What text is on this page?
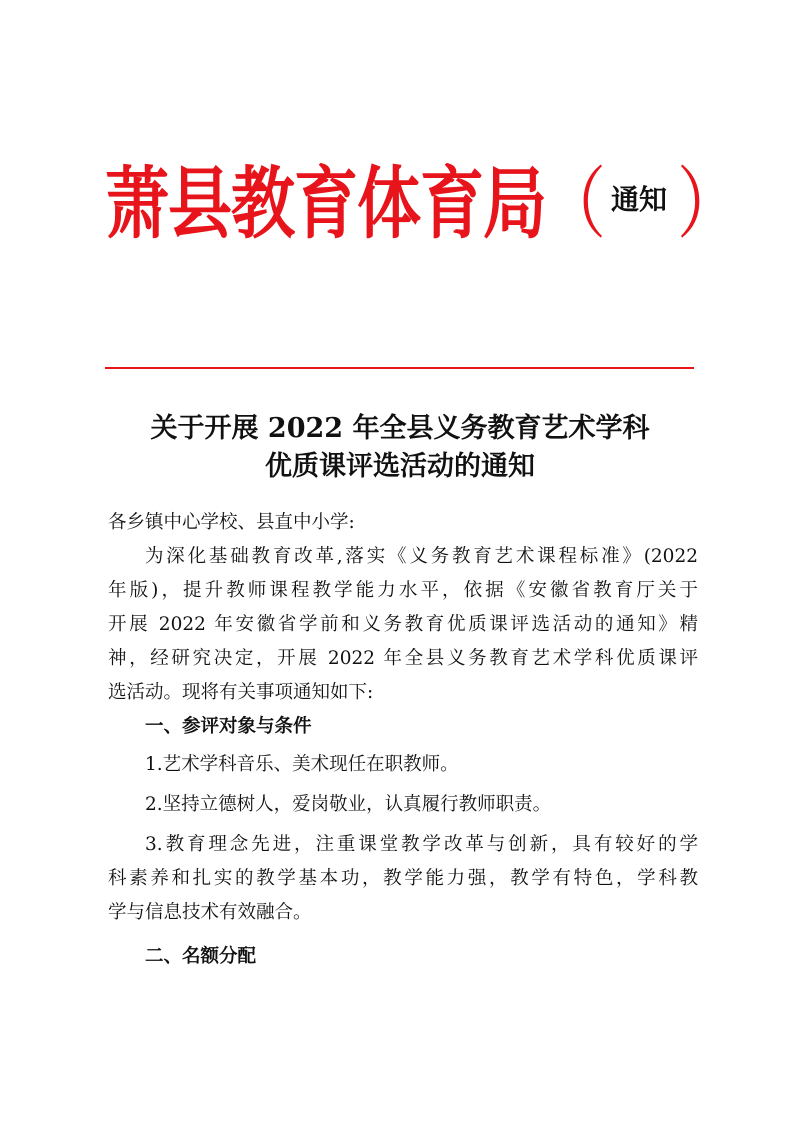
萧县教育体育局
（ 通知 ）
关于开展 2022 年全县义务教育艺术学科
优质课评选活动的通知
各乡镇中心学校、县直中小学:
为深化基础教育改革,落实《义务教育艺术课程标准》(2022
年版)，提升教师课程教学能力水平，依据《安徽省教育厅关于
开展 2022 年安徽省学前和义务教育优质课评选活动的通知》精
神，经研究决定，开展 2022 年全县义务教育艺术学科优质课评
选活动。现将有关事项通知如下:
一、参评对象与条件
1.艺术学科音乐、美术现任在职教师。
2.坚持立德树人，爱岗敬业，认真履行教师职责。
3.教育理念先进，注重课堂教学改革与创新，具有较好的学
科素养和扎实的教学基本功，教学能力强，教学有特色，学科教
学与信息技术有效融合。
二、名额分配
